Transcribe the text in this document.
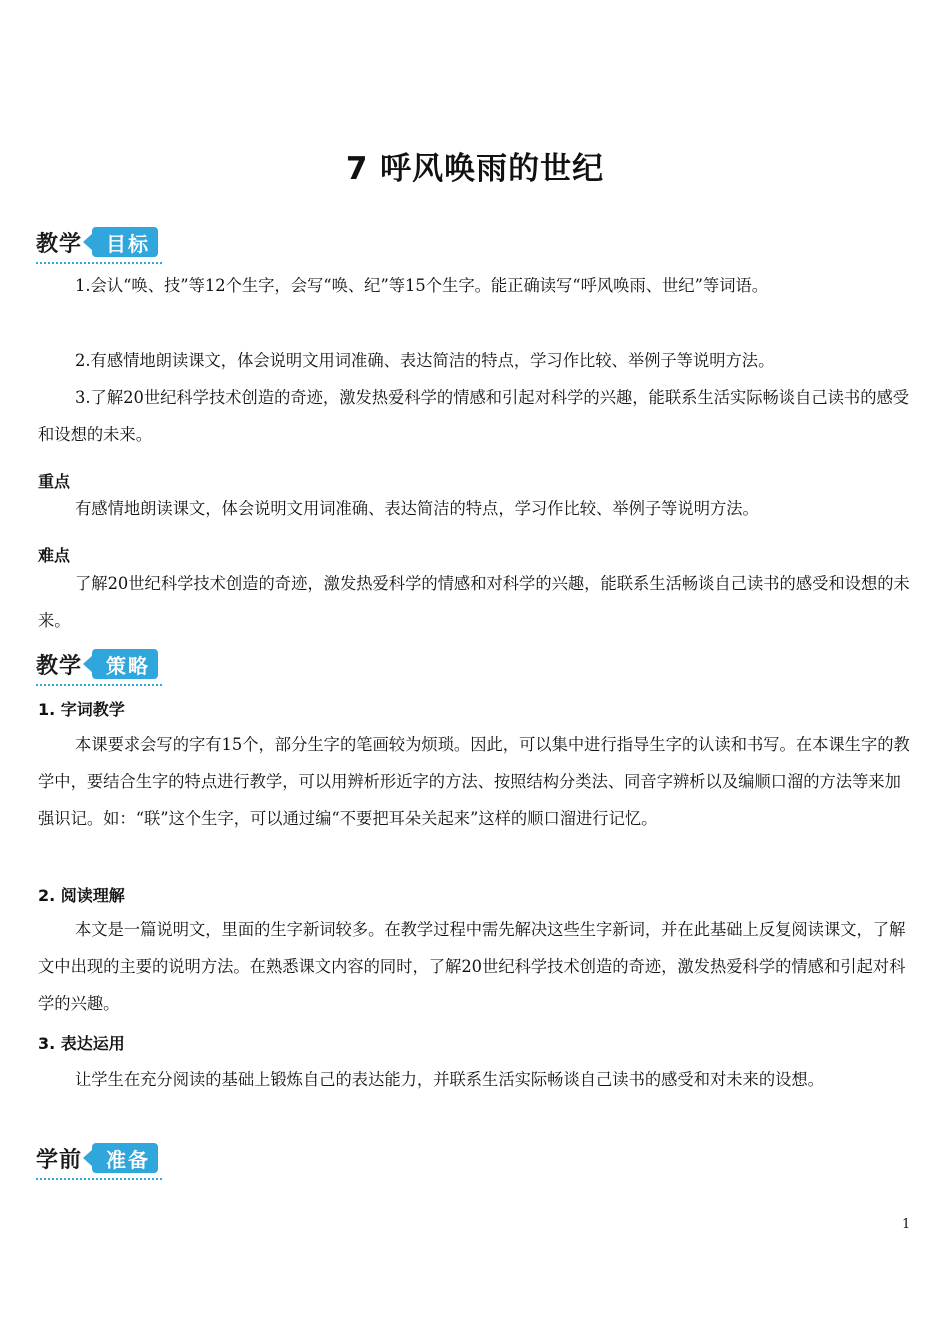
7 呼风唤雨的世纪
教学	目标

1.会认“唤、技”等12个生字，会写“唤、纪”等15个生字。能正确读写“呼风唤雨、世纪”等词语。

2.有感情地朗读课文，体会说明文用词准确、表达简洁的特点，学习作比较、举例子等说明方法。

3.了解20世纪科学技术创造的奇迹，激发热爱科学的情感和引起对科学的兴趣，能联系生活实际畅谈自己读书的感受和设想的未来。

重点

有感情地朗读课文，体会说明文用词准确、表达简洁的特点，学习作比较、举例子等说明方法。

难点

了解20世纪科学技术创造的奇迹，激发热爱科学的情感和对科学的兴趣，能联系生活畅谈自己读书的感受和设想的未来。

教学	策略
1. 字词教学

本课要求会写的字有15个，部分生字的笔画较为烦琐。因此，可以集中进行指导生字的认读和书写。在本课生字的教学中，要结合生字的特点进行教学，可以用辨析形近字的方法、按照结构分类法、同音字辨析以及编顺口溜的方法等来加强识记。如：“联”这个生字，可以通过编“不要把耳朵关起来”这样的顺口溜进行记忆。

2. 阅读理解

本文是一篇说明文，里面的生字新词较多。在教学过程中需先解决这些生字新词，并在此基础上反复阅读课文，了解文中出现的主要的说明方法。在熟悉课文内容的同时，了解20世纪科学技术创造的奇迹，激发热爱科学的情感和引起对科学的兴趣。

3. 表达运用

让学生在充分阅读的基础上锻炼自己的表达能力，并联系生活实际畅谈自己读书的感受和对未来的设想。

学前	准备
1
